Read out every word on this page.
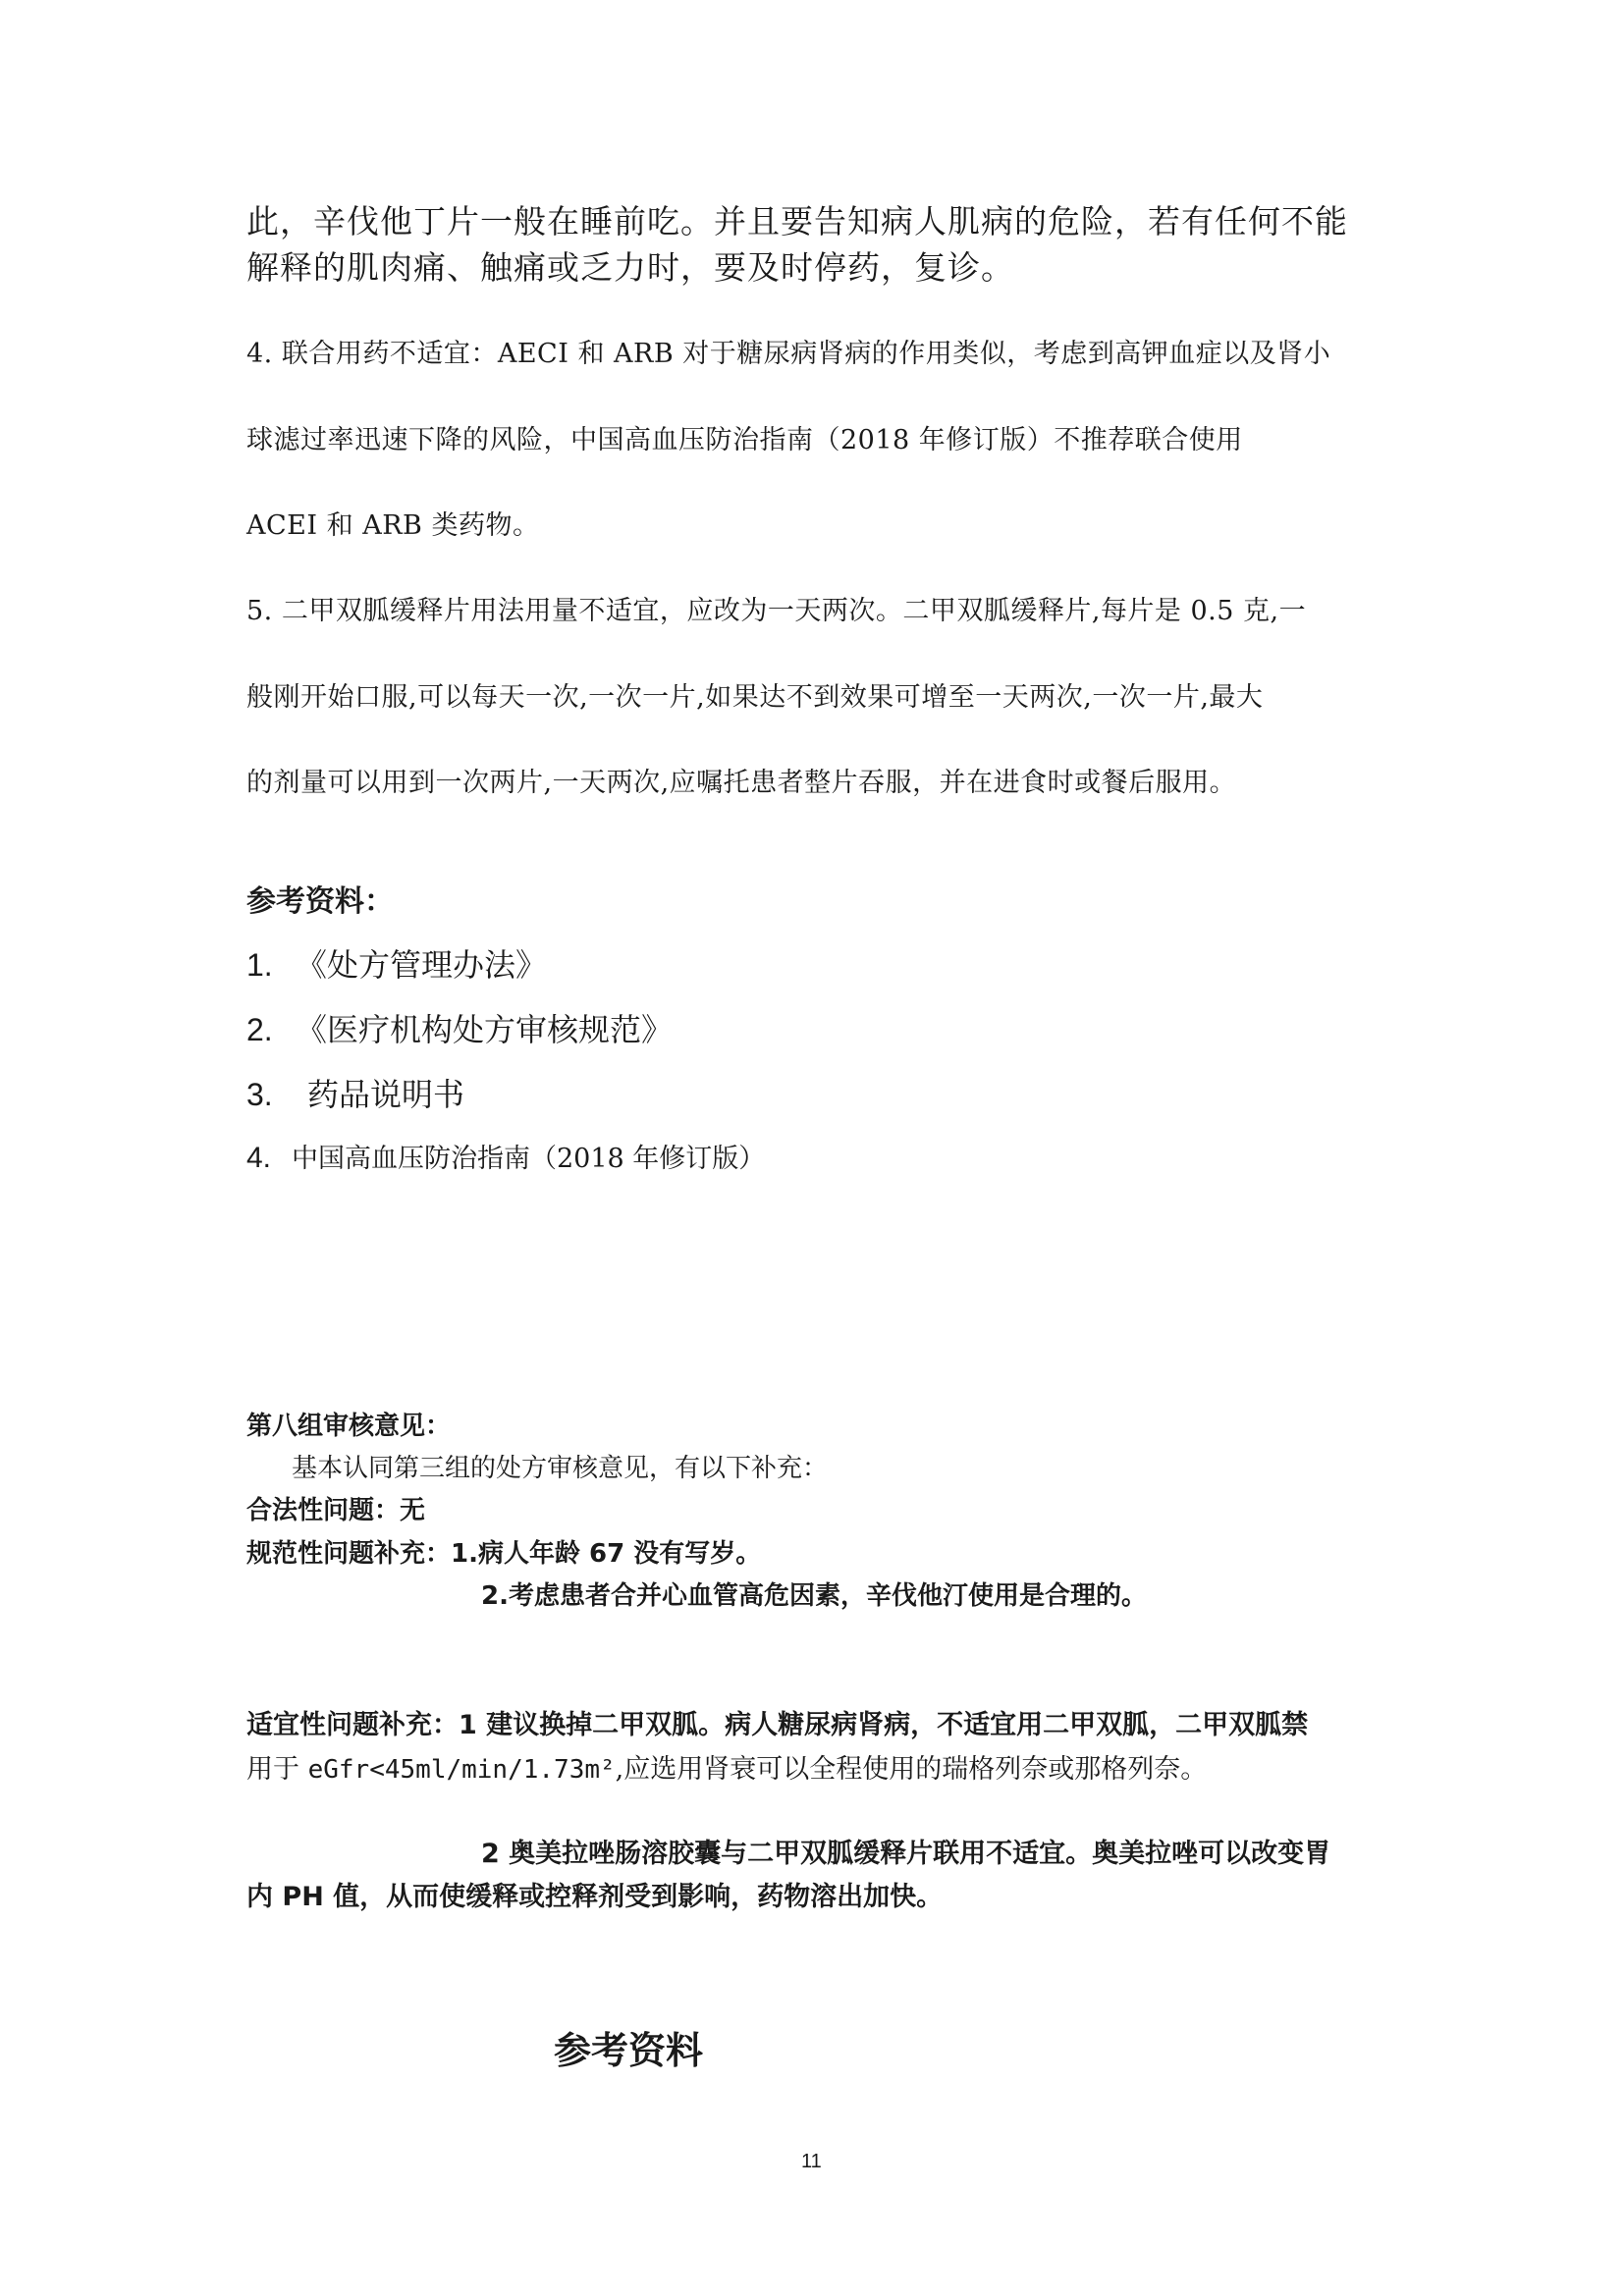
此，辛伐他丁片一般在睡前吃。并且要告知病人肌病的危险，若有任何不能

解释的肌肉痛、触痛或乏力时，要及时停药，复诊。

4. 联合用药不适宜：AECI 和 ARB 对于糖尿病肾病的作用类似，考虑到高钾血症以及肾小

球滤过率迅速下降的风险，中国高血压防治指南（2018 年修订版）不推荐联合使用

ACEI 和 ARB 类药物。

5. 二甲双胍缓释片用法用量不适宜，应改为一天两次。二甲双胍缓释片,每片是 0.5 克,一

般刚开始口服,可以每天一次,一次一片,如果达不到效果可增至一天两次,一次一片,最大

的剂量可以用到一次两片,一天两次,应嘱托患者整片吞服，并在进食时或餐后服用。

参考资料：

1. 《处方管理办法》

2. 《医疗机构处方审核规范》

3. 药品说明书

4. 中国高血压防治指南（2018 年修订版）

第八组审核意见：

基本认同第三组的处方审核意见，有以下补充：

合法性问题：无

规范性问题补充：1.病人年龄 67 没有写岁。

2.考虑患者合并心血管高危因素，辛伐他汀使用是合理的。

适宜性问题补充：1 建议换掉二甲双胍。病人糖尿病肾病，不适宜用二甲双胍，二甲双胍禁

用于 eGfr<45ml/min/1.73m²,应选用肾衰可以全程使用的瑞格列奈或那格列奈。

2 奥美拉唑肠溶胶囊与二甲双胍缓释片联用不适宜。奥美拉唑可以改变胃

内 PH 值，从而使缓释或控释剂受到影响，药物溶出加快。

参考资料

11
